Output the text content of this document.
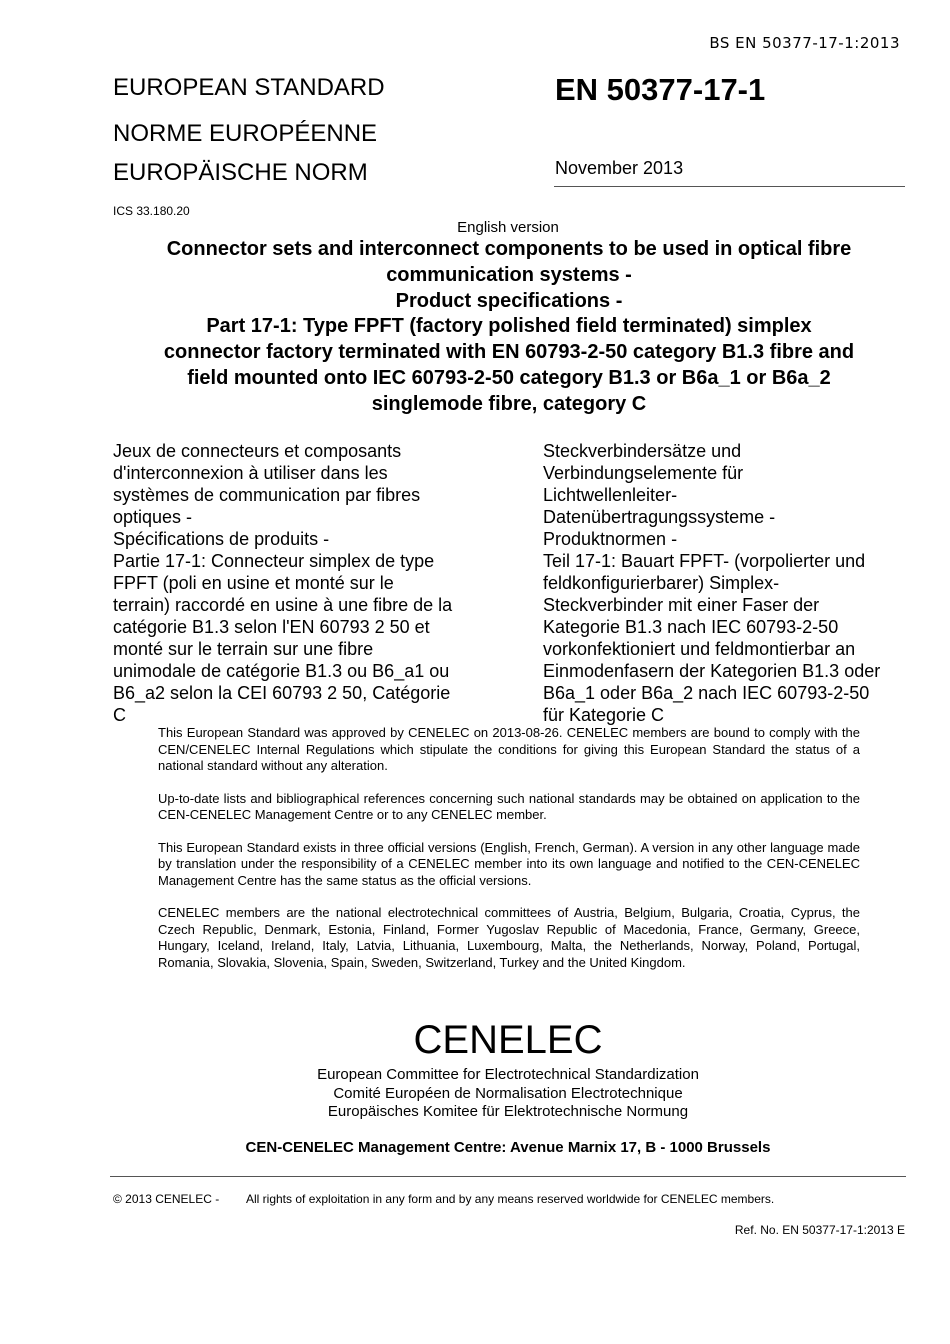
BS EN 50377-17-1:2013
EUROPEAN STANDARD
NORME EUROPÉENNE
EUROPÄISCHE NORM
EN 50377-17-1
November 2013
ICS 33.180.20
English version
Connector sets and interconnect components to be used in optical fibre
communication systems -
Product specifications -
Part 17-1: Type FPFT (factory polished field terminated) simplex
connector factory terminated with EN 60793-2-50 category B1.3 fibre and
field mounted onto IEC 60793-2-50 category B1.3 or B6a_1 or B6a_2
singlemode fibre, category C
Jeux de connecteurs et composants
d'interconnexion à utiliser dans les
systèmes de communication par fibres
optiques -
Spécifications de produits -
Partie 17-1: Connecteur simplex de type
FPFT (poli en usine et monté sur le
terrain) raccordé en usine à une fibre de la
catégorie B1.3 selon l'EN 60793 2 50 et
monté sur le terrain sur une fibre
unimodale de catégorie B1.3 ou B6_a1 ou
B6_a2 selon la CEI 60793 2 50, Catégorie
C
Steckverbindersätze und
Verbindungselemente für
Lichtwellenleiter-
Datenübertragungssysteme -
Produktnormen -
Teil 17-1: Bauart FPFT- (vorpolierter und
feldkonfigurierbarer) Simplex-
Steckverbinder mit einer Faser der
Kategorie B1.3 nach IEC 60793-2-50
vorkonfektioniert und feldmontierbar an
Einmodenfasern der Kategorien B1.3 oder
B6a_1 oder B6a_2 nach IEC 60793-2-50
für Kategorie C

This European Standard was approved by CENELEC on 2013-08-26. CENELEC members are bound to comply with the CEN/CENELEC Internal Regulations which stipulate the conditions for giving this European Standard the status of a national standard without any alteration.

Up-to-date lists and bibliographical references concerning such national standards may be obtained on application to the CEN-CENELEC Management Centre or to any CENELEC member.

This European Standard exists in three official versions (English, French, German). A version in any other language made by translation under the responsibility of a CENELEC member into its own language and notified to the CEN-CENELEC Management Centre has the same status as the official versions.

CENELEC members are the national electrotechnical committees of Austria, Belgium, Bulgaria, Croatia, Cyprus, the Czech Republic, Denmark, Estonia, Finland, Former Yugoslav Republic of Macedonia, France, Germany, Greece, Hungary, Iceland, Ireland, Italy, Latvia, Lithuania, Luxembourg, Malta, the Netherlands, Norway, Poland, Portugal, Romania, Slovakia, Slovenia, Spain, Sweden, Switzerland, Turkey and the United Kingdom.

CENELEC
European Committee for Electrotechnical Standardization
Comité Européen de Normalisation Electrotechnique
Europäisches Komitee für Elektrotechnische Normung
CEN-CENELEC Management Centre: Avenue Marnix 17, B - 1000 Brussels
© 2013 CENELEC - All rights of exploitation in any form and by any means reserved worldwide for CENELEC members.
Ref. No. EN 50377-17-1:2013 E
